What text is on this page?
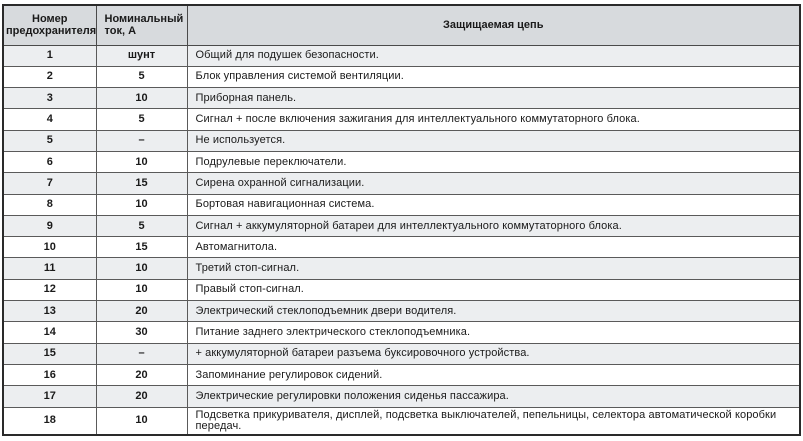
Номер предохранителя	Номинальный ток, А	Защищаемая цепь
1	шунт	Общий для подушек безопасности.
2	5	Блок управления системой вентиляции.
3	10	Приборная панель.
4	5	Сигнал + после включения зажигания для интеллектуального коммутаторного блока.
5	–	Не используется.
6	10	Подрулевые переключатели.
7	15	Сирена охранной сигнализации.
8	10	Бортовая навигационная система.
9	5	Сигнал + аккумуляторной батареи для интеллектуального коммутаторного блока.
10	15	Автомагнитола.
11	10	Третий стоп-сигнал.
12	10	Правый стоп-сигнал.
13	20	Электрический стеклоподъемник двери водителя.
14	30	Питание заднего электрического стеклоподъемника.
15	–	+ аккумуляторной батареи разъема буксировочного устройства.
16	20	Запоминание регулировок сидений.
17	20	Электрические регулировки положения сиденья пассажира.
18	10	Подсветка прикуривателя, дисплей, подсветка выключателей, пепельницы, селектора автоматической коробки передач.
